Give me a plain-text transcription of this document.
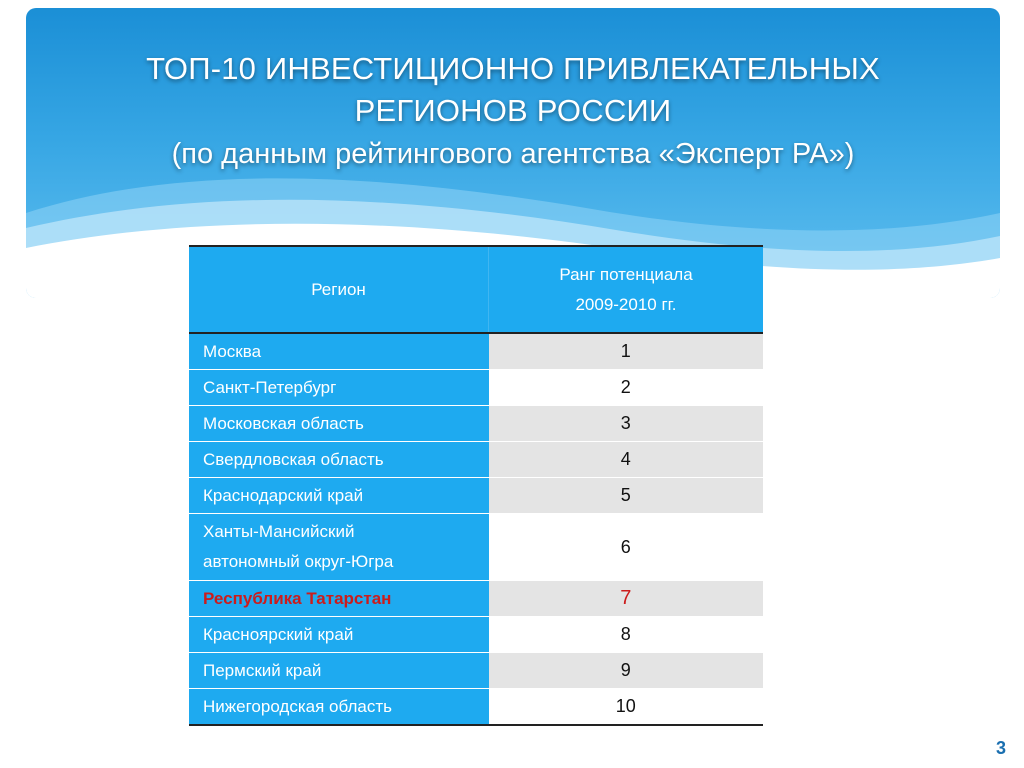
ТОП-10 ИНВЕСТИЦИОННО ПРИВЛЕКАТЕЛЬНЫХ
РЕГИОНОВ РОССИИ
(по данным рейтингового агентства «Эксперт РА»)
Регион	Ранг потенциала
2009-2010 гг.

Москва	1
Санкт-Петербург	2
Московская область	3
Свердловская область	4
Краснодарский край	5

Ханты-Мансийский
автономный округ-Югра	6
Республика Татарстан	7
Красноярский край	8
Пермский край	9
Нижегородская область	10
3
